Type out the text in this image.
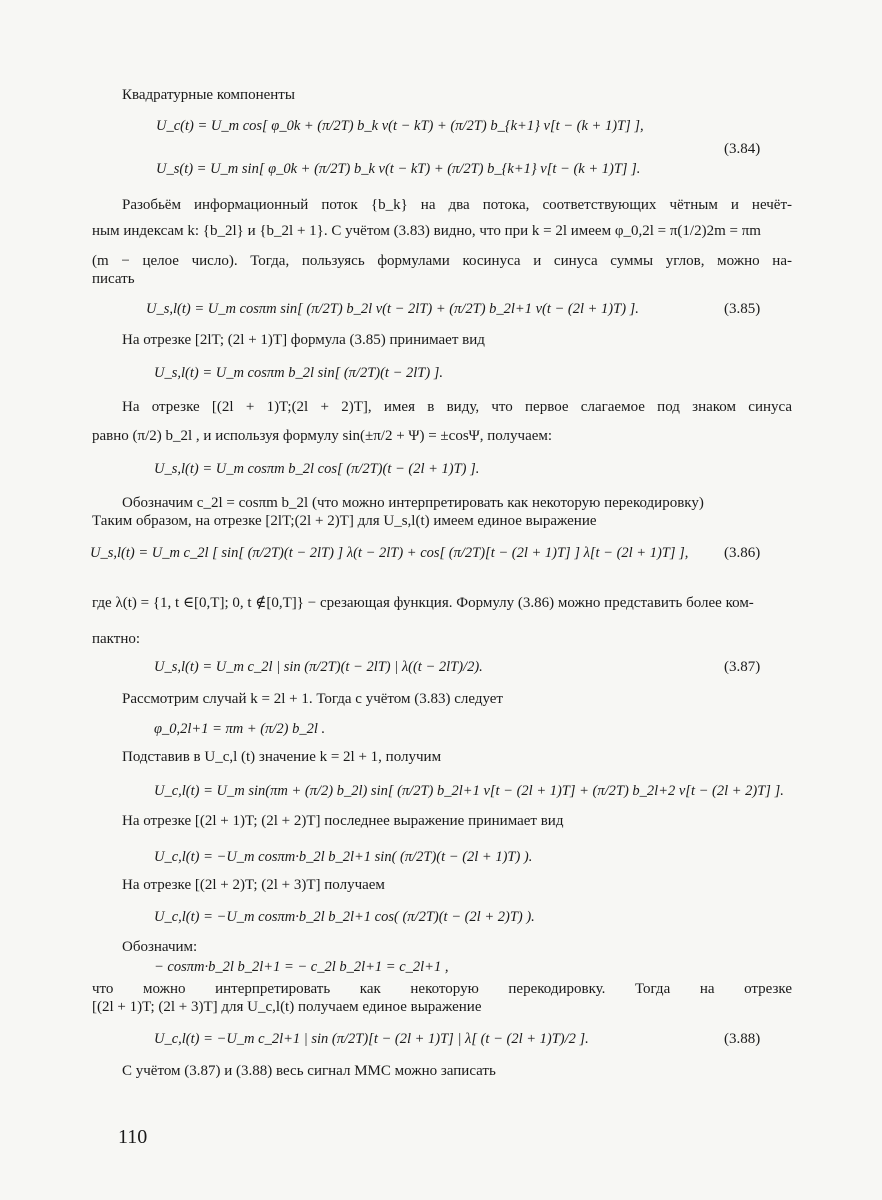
Квадратурные компоненты
U_c(t) = U_m cos[ φ_0k + (π/2T) b_k ν(t − kT) + (π/2T) b_{k+1} ν[t − (k + 1)T] ],
U_s(t) = U_m sin[ φ_0k + (π/2T) b_k ν(t − kT) + (π/2T) b_{k+1} ν[t − (k + 1)T] ].
(3.84)
Разобьём информационный поток {b_k} на два потока, соответствующих чётным и нечёт-
ным индексам k: {b_2l} и {b_2l + 1}. С учётом (3.83) видно, что при k = 2l имеем φ_0,2l = π(1/2)2m = πm
(m − целое число). Тогда, пользуясь формулами косинуса и синуса суммы углов, можно на-
писать
U_s,l(t) = U_m cosπm sin[ (π/2T) b_2l ν(t − 2lT) + (π/2T) b_2l+1 ν(t − (2l + 1)T) ].	(3.85)
На отрезке [2lT; (2l + 1)T] формула (3.85) принимает вид
U_s,l(t) = U_m cosπm b_2l sin[ (π/2T)(t − 2lT) ].
На отрезке [(2l + 1)T;(2l + 2)T], имея в виду, что первое слагаемое под знаком синуса
равно (π/2) b_2l , и используя формулу sin(±π/2 + Ψ) = ±cosΨ, получаем:
U_s,l(t) = U_m cosπm b_2l cos[ (π/2T)(t − (2l + 1)T) ].
Обозначим c_2l = cosπm b_2l (что можно интерпретировать как некоторую перекодировку)
Таким образом, на отрезке [2lT;(2l + 2)T] для U_s,l(t) имеем единое выражение
U_s,l(t) = U_m c_2l [ sin[ (π/2T)(t − 2lT) ] λ(t − 2lT) + cos[ (π/2T)[t − (2l + 1)T] ] λ[t − (2l + 1)T] ], (3.86)
где λ(t) = {1, t ∈[0,T]; 0, t ∉[0,T]} − срезающая функция. Формулу (3.86) можно представить более ком-
пактно:
U_s,l(t) = U_m c_2l | sin (π/2T)(t − 2lT) | λ((t − 2lT)/2).	(3.87)
Рассмотрим случай k = 2l + 1. Тогда с учётом (3.83) следует
φ_0,2l+1 = πm + (π/2) b_2l .
Подставив в U_c,l (t) значение k = 2l + 1, получим
U_c,l(t) = U_m sin(πm + (π/2) b_2l) sin[ (π/2T) b_2l+1 ν[t − (2l + 1)T] + (π/2T) b_2l+2 ν[t − (2l + 2)T] ].
На отрезке [(2l + 1)T; (2l + 2)T] последнее выражение принимает вид
U_c,l(t) = −U_m cosπm·b_2l b_2l+1 sin( (π/2T)(t − (2l + 1)T) ).
На отрезке [(2l + 2)T; (2l + 3)T] получаем
U_c,l(t) = −U_m cosπm·b_2l b_2l+1 cos( (π/2T)(t − (2l + 2)T) ).
Обозначим:
− cosπm·b_2l b_2l+1 = − c_2l b_2l+1 = c_2l+1 ,
что можно интерпретировать как некоторую перекодировку. Тогда на отрезке
[(2l + 1)T; (2l + 3)T] для U_c,l(t) получаем единое выражение
U_c,l(t) = −U_m c_2l+1 | sin (π/2T)[t − (2l + 1)T] | λ[ (t − (2l + 1)T)/2 ].	(3.88)
С учётом (3.87) и (3.88) весь сигнал ММС можно записать
110
